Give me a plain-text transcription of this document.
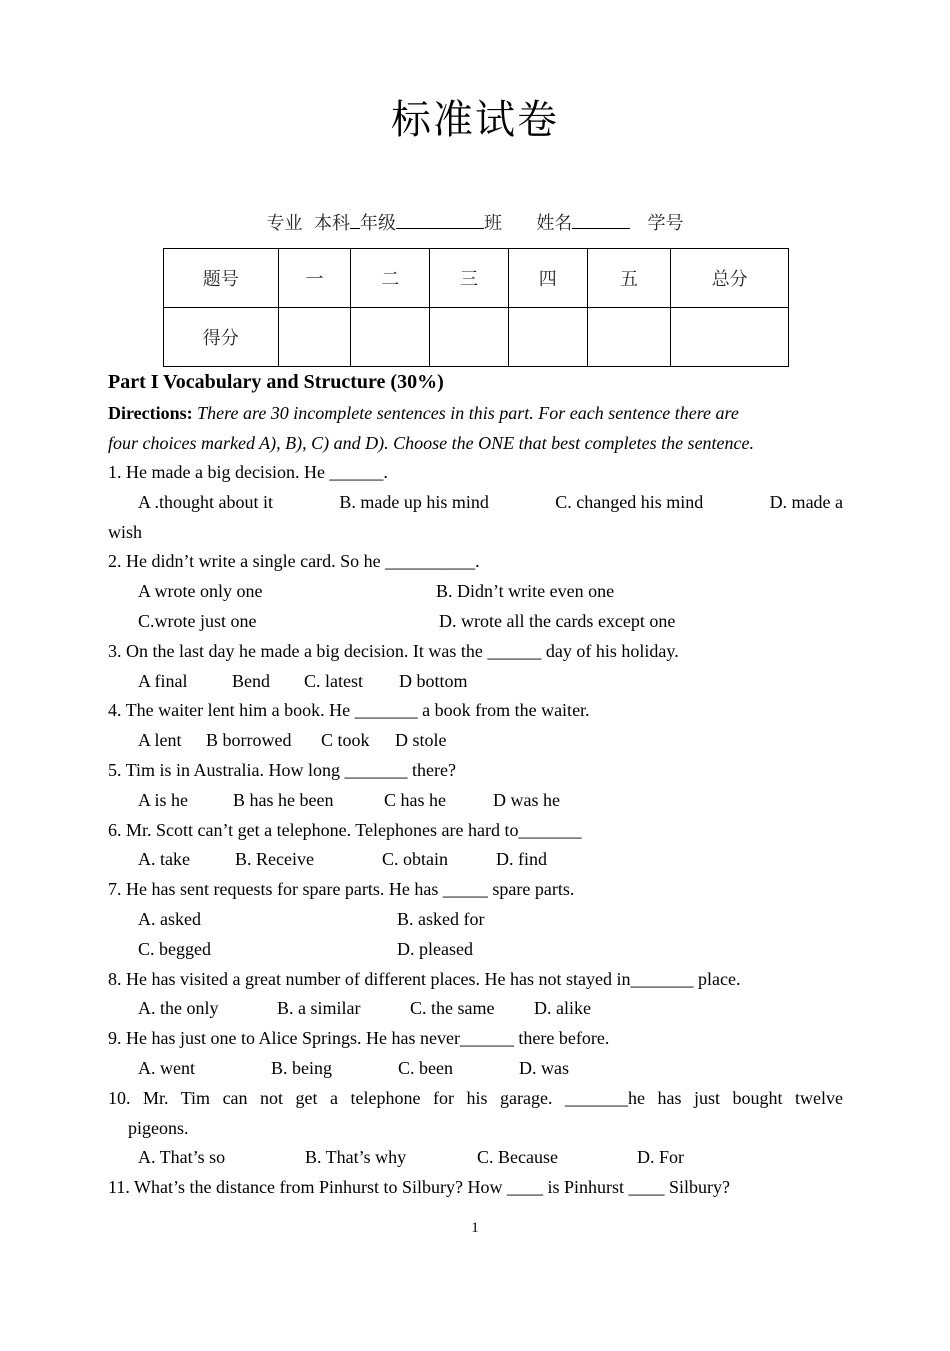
标准试卷
专业 本科 年级	班 姓名	学号
题号	一	二	三	四	五	总分
得分						
Part I Vocabulary and Structure (30%)
Directions: There are 30 incomplete sentences in this part. For each sentence there are
four choices marked A), B), C) and D). Choose the ONE that best completes the sentence.
1. He made a big decision. He ______.
A .thought about it	B. made up his mind	C. changed his mind	D. made a
wish
2. He didn’t write a single card. So he __________.
A wrote only one	B. Didn’t write even one
C.wrote just one	D. wrote all the cards except one
3. On the last day he made a big decision. It was the ______ day of his holiday.
A final Bend C. latest D bottom
4. The waiter lent him a book. He _______ a book from the waiter.
A lent B borrowed C took D stole
5. Tim is in Australia. How long _______ there?
A is he B has he been	C has he	D was he
6. Mr. Scott can’t get a telephone. Telephones are hard to_______
A. take	B. Receive	C. obtain	D. find
7. He has sent requests for spare parts. He has _____ spare parts.
A. asked	B. asked for
C. begged	D. pleased
8. He has visited a great number of different places. He has not stayed in_______ place.
A. the only	B. a similar	C. the same D. alike
9. He has just one to Alice Springs. He has never______ there before.
A. went	B. being	C. been	D. was
10. Mr. Tim can not get a telephone for his garage. _______he has just bought twelve
pigeons.
A. That’s so	B. That’s why	C. Because	D. For
11. What’s the distance from Pinhurst to Silbury? How ____ is Pinhurst ____ Silbury?
1
